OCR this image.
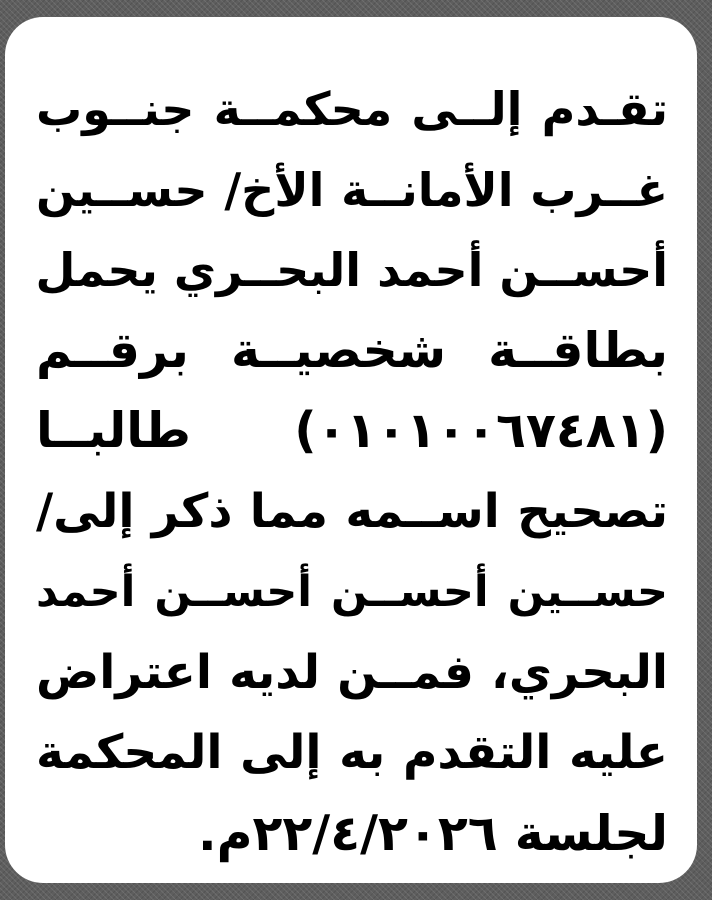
تقـدم إلــى محكمــة جنــوب
غــرب الأمانــة الأخ/ حســين
أحســن أحمد البحــري يحمل
بطاقــة شخصيــة برقــم
(٠١٠١٠٠٦٧٤٨١) طالبــا
تصحيح اســمه مما ذكر إلى/
حســين أحســن أحســن أحمد
البحري، فمــن لديه اعتراض
عليه التقدم به إلى المحكمة
لجلسة ٢٢/٤/٢٠٢٦م.
